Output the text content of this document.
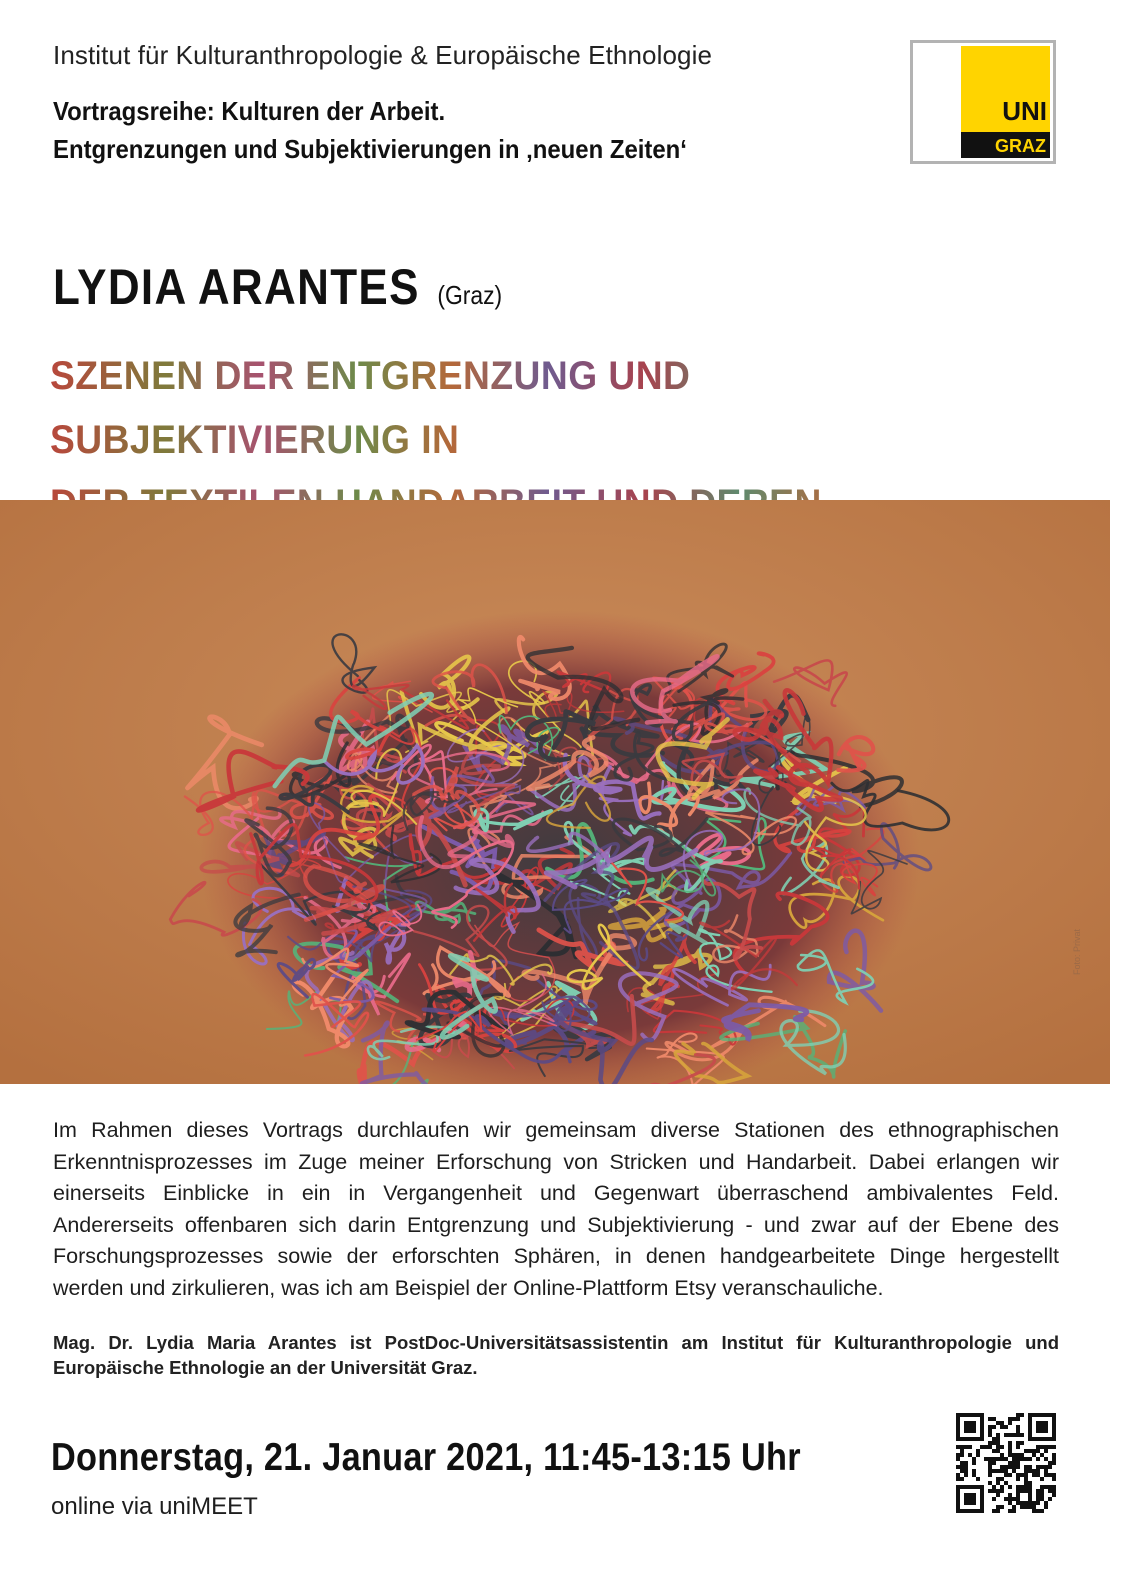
Institut für Kulturanthropologie & Europäische Ethnologie
Vortragsreihe: Kulturen der Arbeit.
Entgrenzungen und Subjektivierungen in ‚neuen Zeiten‘
UNI
GRAZ
LYDIA ARANTES (Graz)
SZENEN DER ENTGRENZUNG UND SUBJEKTIVIERUNG IN
Foto: Privat
Im Rahmen dieses Vortrags durchlaufen wir gemeinsam diverse Stationen des ethnographischen Erkenntnisprozesses im Zuge meiner Erforschung von Stricken und Handarbeit. Dabei erlangen wir einerseits Einblicke in ein in Vergangenheit und Gegenwart überraschend ambivalentes Feld. Andererseits offenbaren sich darin Entgrenzung und Subjektivierung - und zwar auf der Ebene des Forschungsprozesses sowie der erforschten Sphären, in denen handgearbeitete Dinge hergestellt werden und zirkulieren, was ich am Beispiel der Online-Plattform Etsy veranschauliche.
Mag. Dr. Lydia Maria Arantes ist PostDoc-Universitätsassistentin am Institut für Kulturanthropologie und Europäische Ethnologie an der Universität Graz.
Donnerstag, 21. Januar 2021, 11:45-13:15 Uhr
online via uniMEET
